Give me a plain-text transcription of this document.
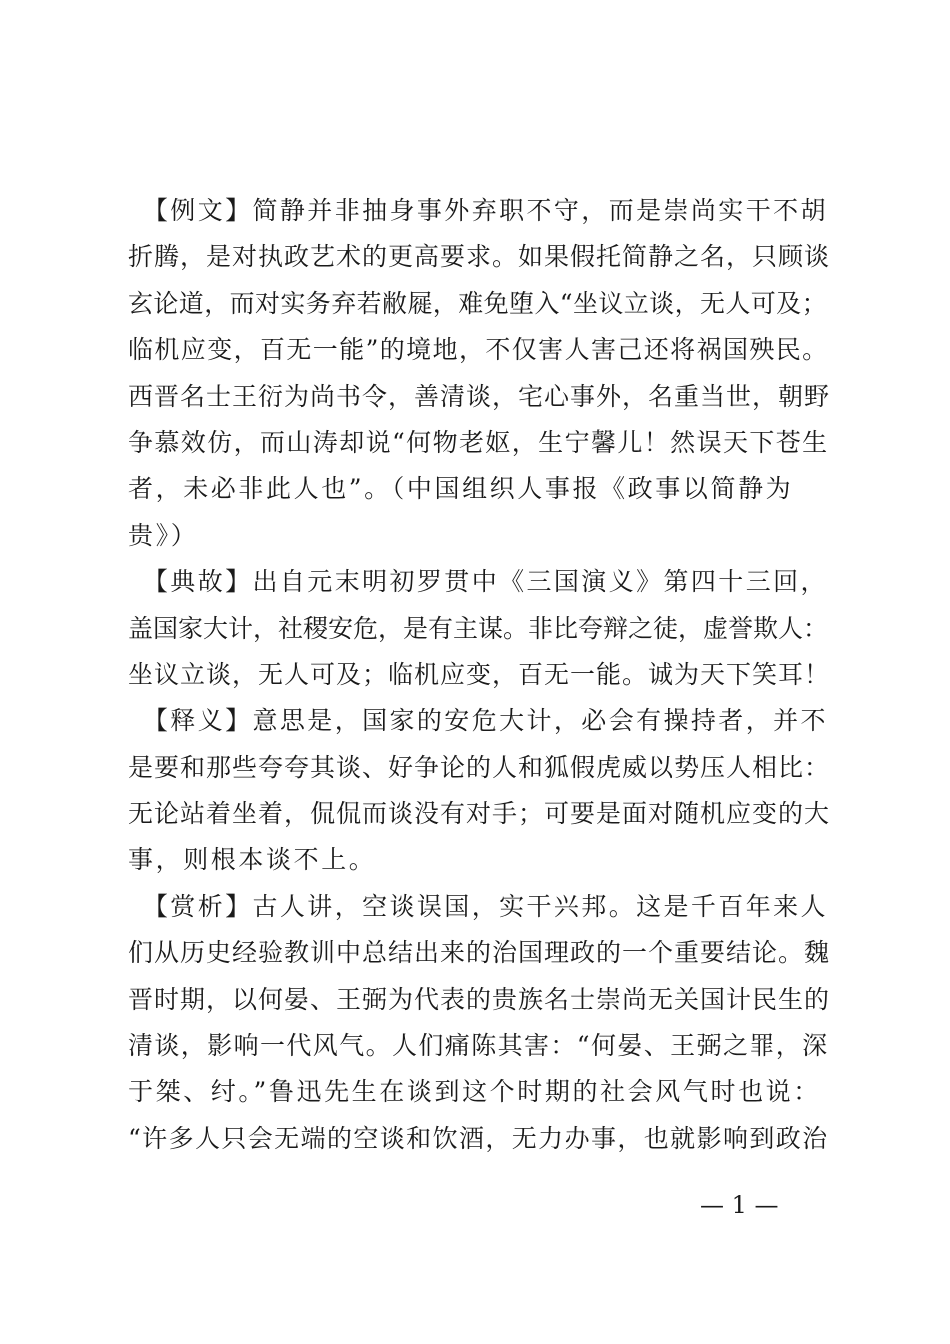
　【例文】简静并非抽身事外弃职不守，而是崇尚实干不胡
折腾，是对执政艺术的更高要求。如果假托简静之名，只顾谈
玄论道，而对实务弃若敝屣，难免堕入“坐议立谈，无人可及；
临机应变，百无一能”的境地，不仅害人害己还将祸国殃民。
西晋名士王衍为尚书令，善清谈，宅心事外，名重当世，朝野
争慕效仿，而山涛却说“何物老妪，生宁馨儿！然误天下苍生
者，未必非此人也”。（中国组织人事报《政事以简静为
贵》）
　【典故】出自元末明初罗贯中《三国演义》第四十三回，
盖国家大计，社稷安危，是有主谋。非比夸辩之徒，虚誉欺人：
坐议立谈，无人可及；临机应变，百无一能。诚为天下笑耳！
　【释义】意思是，国家的安危大计，必会有操持者，并不
是要和那些夸夸其谈、好争论的人和狐假虎威以势压人相比：
无论站着坐着，侃侃而谈没有对手；可要是面对随机应变的大
事，则根本谈不上。
　【赏析】古人讲，空谈误国，实干兴邦。这是千百年来人
们从历史经验教训中总结出来的治国理政的一个重要结论。魏
晋时期，以何晏、王弼为代表的贵族名士崇尚无关国计民生的
清谈，影响一代风气。人们痛陈其害：“何晏、王弼之罪，深
于桀、纣。”鲁迅先生在谈到这个时期的社会风气时也说：
“许多人只会无端的空谈和饮酒，无力办事，也就影响到政治
— 1 —
